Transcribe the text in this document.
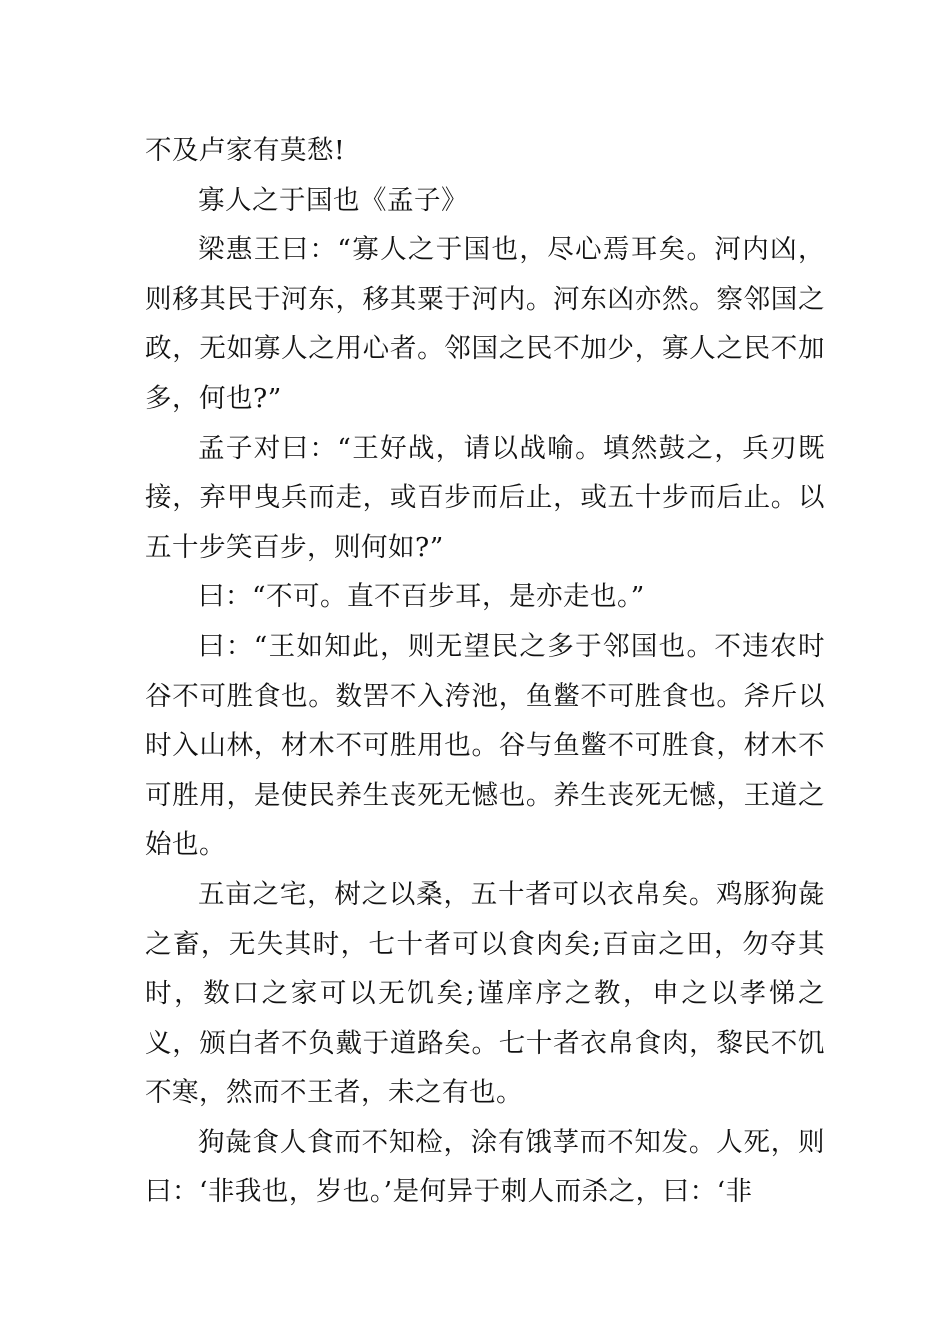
不及卢家有莫愁!

寡人之于国也《孟子》

梁惠王曰：“寡人之于国也，尽心焉耳矣。河内凶，则移其民于河东，移其粟于河内。河东凶亦然。察邻国之政，无如寡人之用心者。邻国之民不加少，寡人之民不加多，何也?”

孟子对曰：“王好战，请以战喻。填然鼓之，兵刃既接，弃甲曳兵而走，或百步而后止，或五十步而后止。以五十步笑百步，则何如?”

曰：“不可。直不百步耳，是亦走也。”

曰：“王如知此，则无望民之多于邻国也。不违农时谷不可胜食也。数罟不入洿池，鱼鳖不可胜食也。斧斤以时入山林，材木不可胜用也。谷与鱼鳖不可胜食，材木不可胜用，是使民养生丧死无憾也。养生丧死无憾，王道之始也。

五亩之宅，树之以桑，五十者可以衣帛矣。鸡豚狗彘之畜，无失其时，七十者可以食肉矣;百亩之田，勿夺其时，数口之家可以无饥矣;谨庠序之教，申之以孝悌之义，颁白者不负戴于道路矣。七十者衣帛食肉，黎民不饥不寒，然而不王者，未之有也。

狗彘食人食而不知检，涂有饿莩而不知发。人死，则曰：‘非我也，岁也。’是何异于刺人而杀之，曰：‘非
